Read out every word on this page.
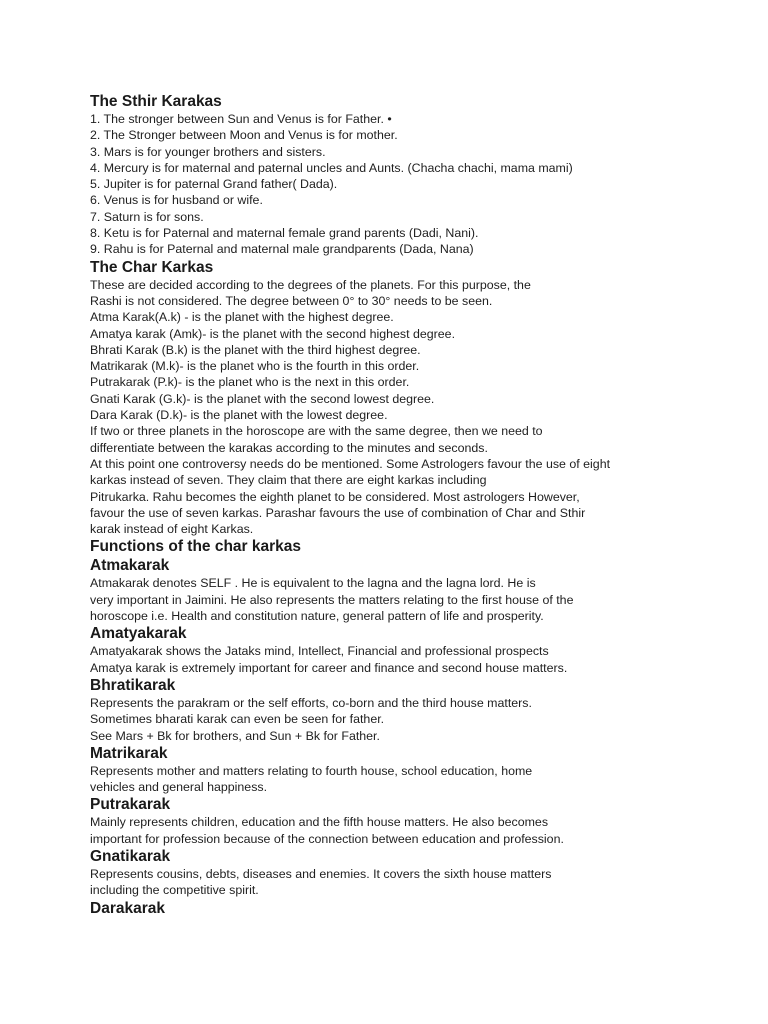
The Sthir Karakas
1. The stronger between Sun and Venus is for Father. •
2. The Stronger between Moon and Venus is for mother.
3. Mars is for younger brothers and sisters.
4. Mercury is for maternal and paternal uncles and Aunts. (Chacha chachi, mama mami)
5. Jupiter is for paternal Grand father( Dada).
6. Venus is for husband or wife.
7. Saturn is for sons.
8. Ketu is for Paternal and maternal female grand parents (Dadi, Nani).
9. Rahu is for Paternal and maternal male grandparents (Dada, Nana)
The Char Karkas
These are decided according to the degrees of the planets. For this purpose, the
Rashi is not considered. The degree between 0° to 30° needs to be seen.
Atma Karak(A.k) - is the planet with the highest degree.
Amatya karak (Amk)- is the planet with the second highest degree.
Bhrati Karak (B.k) is the planet with the third highest degree.
Matrikarak (M.k)- is the planet who is the fourth in this order.
Putrakarak (P.k)- is the planet who is the next in this order.
Gnati Karak (G.k)- is the planet with the second lowest degree.
Dara Karak (D.k)- is the planet with the lowest degree.
If two or three planets in the horoscope are with the same degree, then we need to
differentiate between the karakas according to the minutes and seconds.
At this point one controversy needs do be mentioned. Some Astrologers favour the use of eight
karkas instead of seven. They claim that there are eight karkas including
Pitrukarka. Rahu becomes the eighth planet to be considered. Most astrologers However,
favour the use of seven karkas. Parashar favours the use of combination of Char and Sthir
karak instead of eight Karkas.
Functions of the char karkas
Atmakarak
Atmakarak denotes SELF . He is equivalent to the lagna and the lagna lord. He is
very important in Jaimini. He also represents the matters relating to the first house of the
horoscope i.e. Health and constitution nature, general pattern of life and prosperity.
Amatyakarak
Amatyakarak shows the Jataks mind, Intellect, Financial and professional prospects
Amatya karak is extremely important for career and finance and second house matters.
Bhratikarak
Represents the parakram or the self efforts, co-born and the third house matters.
Sometimes bharati karak can even be seen for father.
See Mars + Bk for brothers, and Sun + Bk for Father.
Matrikarak
Represents mother and matters relating to fourth house, school education, home
vehicles and general happiness.
Putrakarak
Mainly represents children, education and the fifth house matters. He also becomes
important for profession because of the connection between education and profession.
Gnatikarak
Represents cousins, debts, diseases and enemies. It covers the sixth house matters
including the competitive spirit.
Darakarak
